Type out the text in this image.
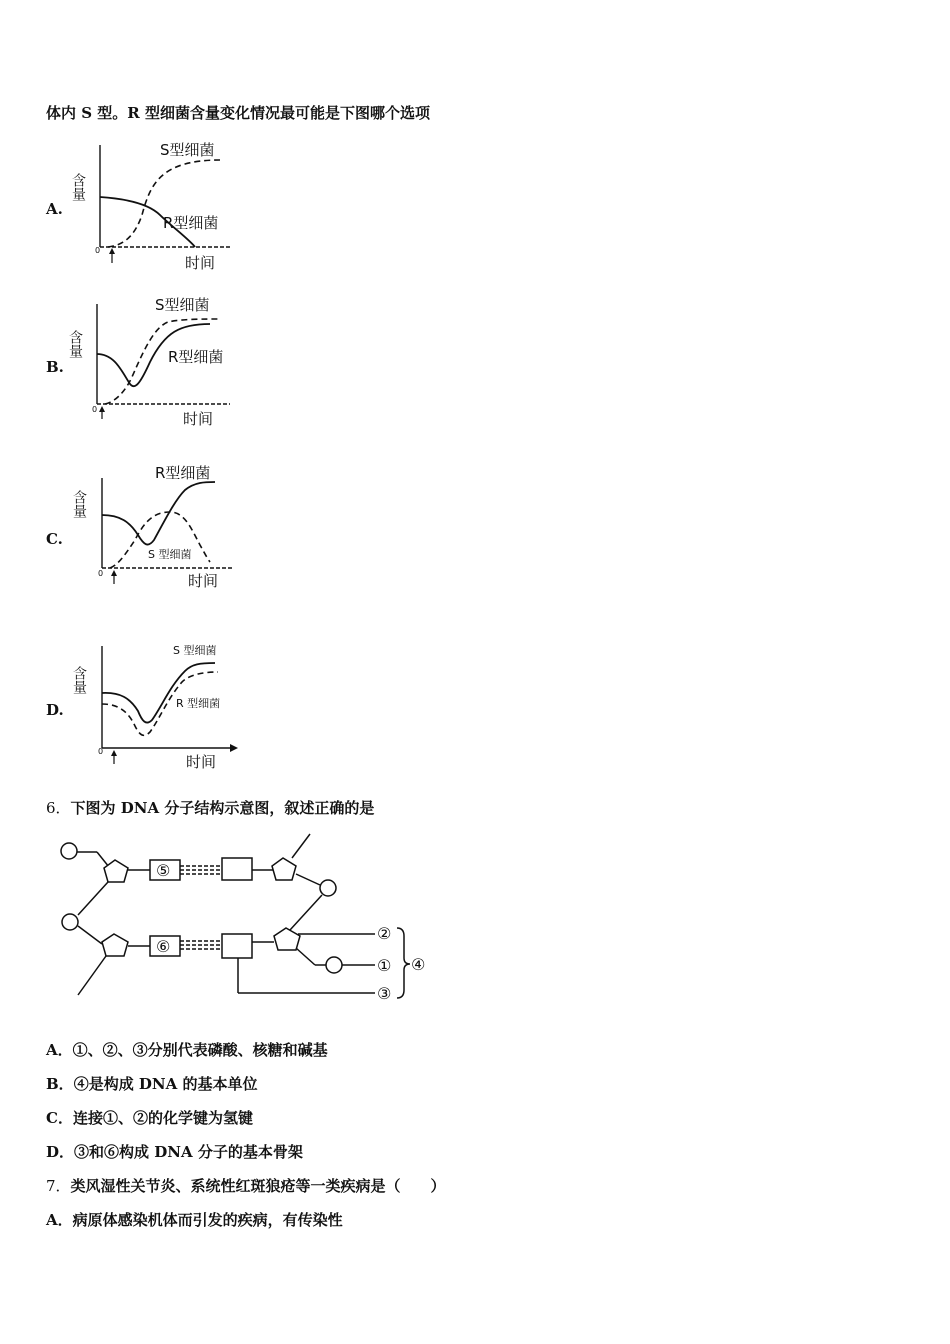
体内 S 型。R 型细菌含量变化情况最可能是下图哪个选项
A.
含量
0
时间
S型细菌
R型细菌
B.
含量
0
时间
S型细菌
R型细菌
C.
含量
0	时间
R型细菌
S 型细菌
D.
含量
0
时间
S 型细菌
R 型细菌
6．下图为 DNA 分子结构示意图，叙述正确的是
⑤
⑥
②
①
③
④
A．①、②、③分别代表磷酸、核糖和碱基
B．④是构成 DNA 的基本单位
C．连接①、②的化学键为氢键
D．③和⑥构成 DNA 分子的基本骨架
7．类风湿性关节炎、系统性红斑狼疮等一类疾病是（　　）
A．病原体感染机体而引发的疾病，有传染性
